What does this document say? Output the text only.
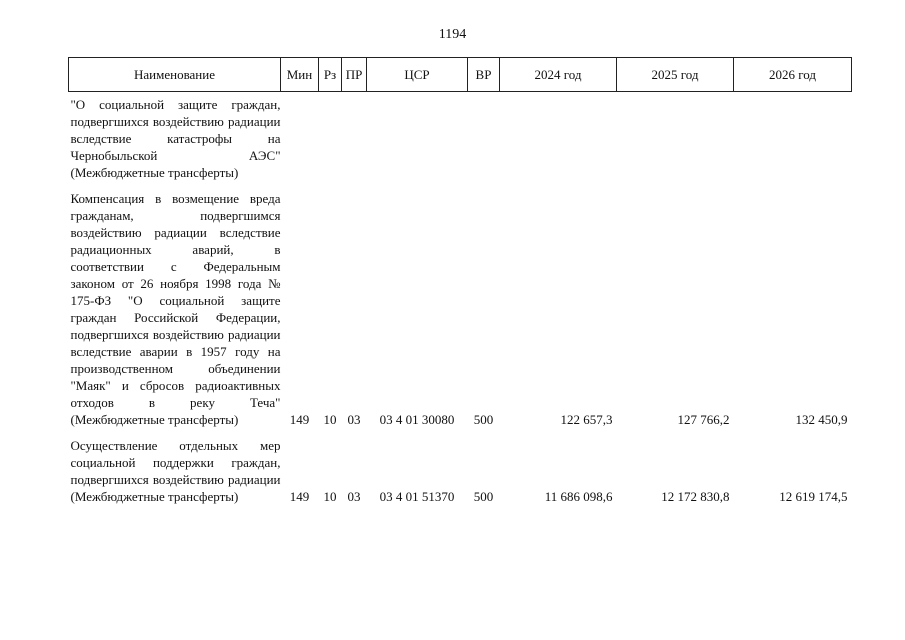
1194
Наименование	Мин	Рз	ПР	ЦСР	ВР	2024 год	2025 год	2026 год
"О социальной защите граждан, подвергшихся воздействию радиации вследствие катастрофы на Чернобыльской АЭС" (Межбюджетные трансферты)								
Компенсация в возмещение вреда гражданам, подвергшимся воздействию радиации вследствие радиационных аварий, в соответствии с Федеральным законом от 26 ноября 1998 года № 175-ФЗ "О социальной защите граждан Российской Федерации, подвергшихся воздействию радиации вследствие аварии в 1957 году на производственном объединении "Маяк" и сбросов радиоактивных отходов в реку Теча" (Межбюджетные трансферты)	149	10	03	03 4 01 30080	500	122 657,3	127 766,2	132 450,9
Осуществление отдельных мер социальной поддержки граждан, подвергшихся воздействию радиации (Межбюджетные трансферты)	149	10	03	03 4 01 51370	500	11 686 098,6	12 172 830,8	12 619 174,5
